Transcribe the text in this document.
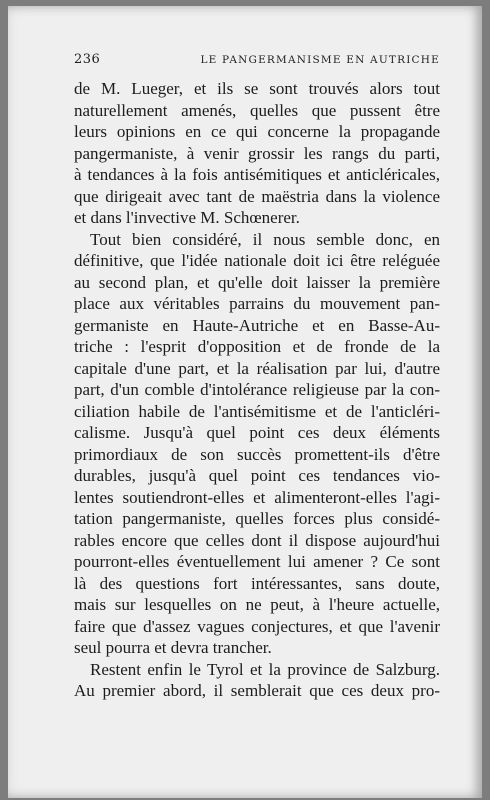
236	LE PANGERMANISME EN AUTRICHE
de M. Lueger, et ils se sont trouvés alors tout
naturellement amenés, quelles que pussent être
leurs opinions en ce qui concerne la propagande
pangermaniste, à venir grossir les rangs du parti,
à tendances à la fois antisémitiques et anticléricales,
que dirigeait avec tant de maëstria dans la violence
et dans l'invective M. Schœnerer.
Tout bien considéré, il nous semble donc, en
définitive, que l'idée nationale doit ici être reléguée
au second plan, et qu'elle doit laisser la première
place aux véritables parrains du mouvement pan-
germaniste en Haute-Autriche et en Basse-Au-
triche : l'esprit d'opposition et de fronde de la
capitale d'une part, et la réalisation par lui, d'autre
part, d'un comble d'intolérance religieuse par la con-
ciliation habile de l'antisémitisme et de l'anticléri-
calisme. Jusqu'à quel point ces deux éléments
primordiaux de son succès promettent-ils d'être
durables, jusqu'à quel point ces tendances vio-
lentes soutiendront-elles et alimenteront-elles l'agi-
tation pangermaniste, quelles forces plus considé-
rables encore que celles dont il dispose aujourd'hui
pourront-elles éventuellement lui amener ? Ce sont
là des questions fort intéressantes, sans doute,
mais sur lesquelles on ne peut, à l'heure actuelle,
faire que d'assez vagues conjectures, et que l'avenir
seul pourra et devra trancher.
Restent enfin le Tyrol et la province de Salzburg.
Au premier abord, il semblerait que ces deux pro-
